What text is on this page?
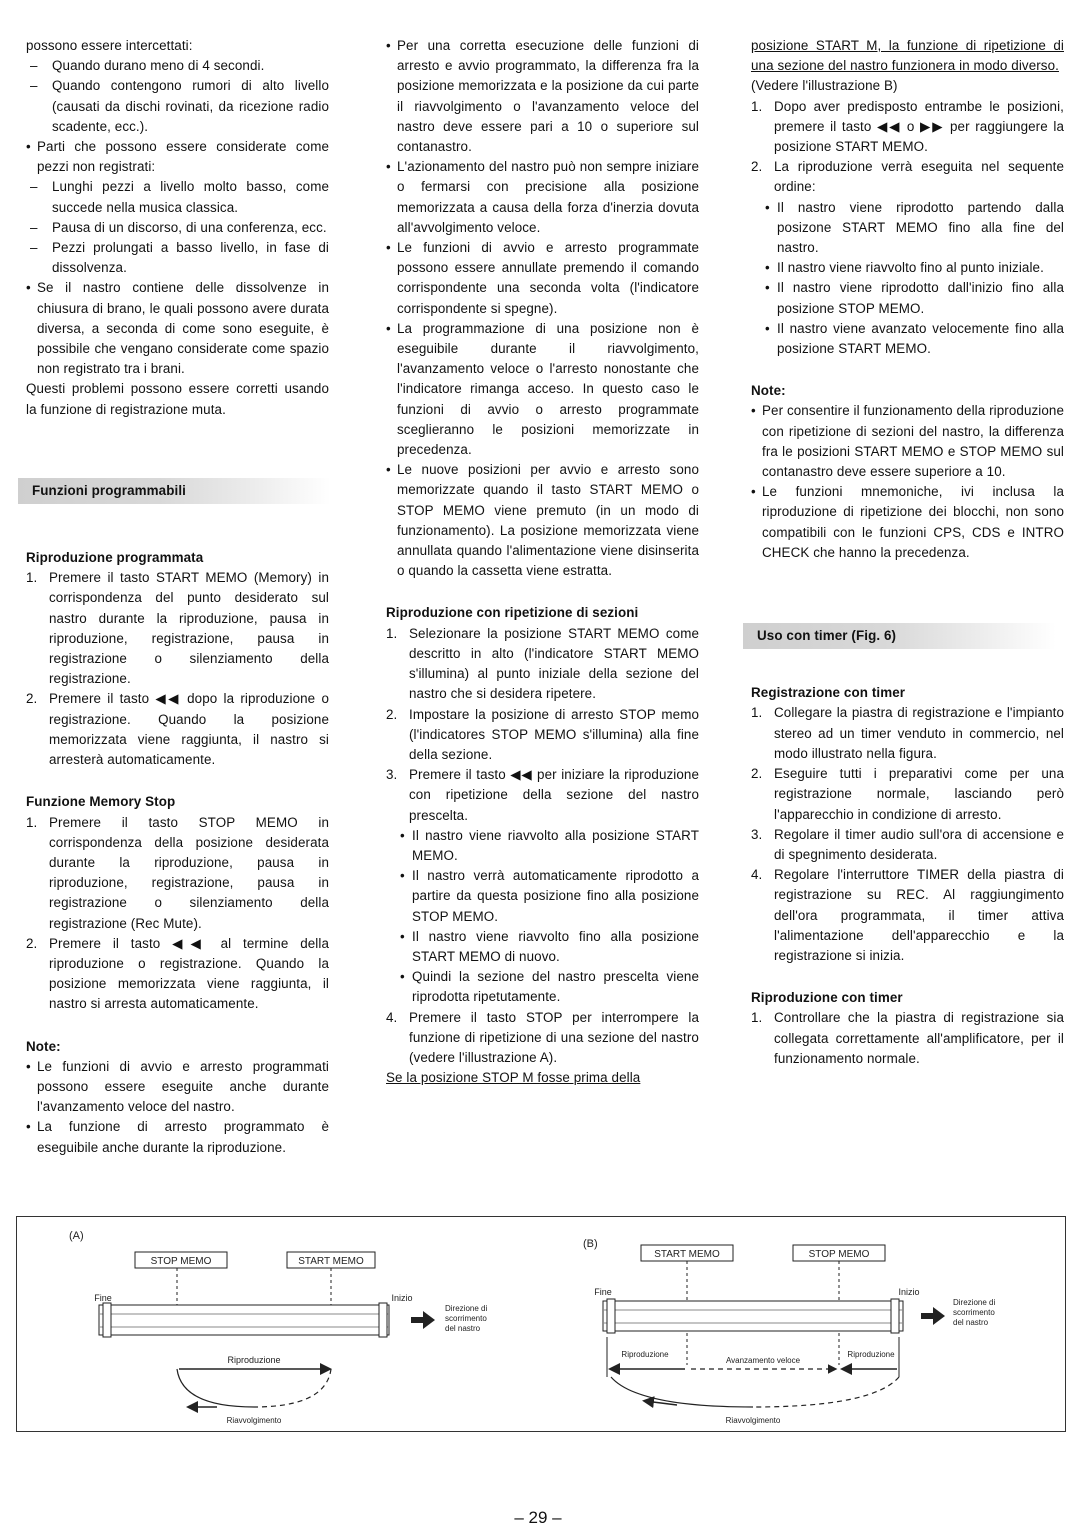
possono essere intercettati:

– Quando durano meno di 4 secondi.
– Quando contengono rumori di alto livello (causati da dischi rovinati, da ricezione radio scadente, ecc.).
• Parti che possono essere considerate come pezzi non registrati:
– Lunghi pezzi a livello molto basso, come succede nella musica classica.
– Pausa di un discorso, di una conferenza, ecc.
– Pezzi prolungati a basso livello, in fase di dissolvenza.
• Se il nastro contiene delle dissolvenze in chiusura di brano, le quali possono avere durata diversa, a seconda di come sono eseguite, è possibile che vengano considerate come spazio non registrato tra i brani.

Questi problemi possono essere corretti usando la funzione di registrazione muta.

Funzioni programmabili

Riproduzione programmata

1. Premere il tasto START MEMO (Memory) in corrispondenza del punto desiderato sul nastro durante la riproduzione, pausa in riproduzione, registrazione, pausa in registrazione o silenziamento della registrazione.
2. Premere il tasto ◀◀ dopo la riproduzione o registrazione. Quando la posizione memorizzata viene raggiunta, il nastro si arresterà automaticamente.

Funzione Memory Stop

1. Premere il tasto STOP MEMO in corrispondenza della posizione desiderata durante la riproduzione, pausa in riproduzione, registrazione, pausa in registrazione o silenziamento della registrazione (Rec Mute).
2. Premere il tasto ◀◀ al termine della riproduzione o registrazione. Quando la posizione memorizzata viene raggiunta, il nastro si arresta automaticamente.

Note:

• Le funzioni di avvio e arresto programmati possono essere eseguite anche durante l'avanzamento veloce del nastro.
• La funzione di arresto programmato è eseguibile anche durante la riproduzione.
• Per una corretta esecuzione delle funzioni di arresto e avvio programmato, la differenza fra la posizione memorizzata e la posizione da cui parte il riavvolgimento o l'avanzamento veloce del nastro deve essere pari a 10 o superiore sul contanastro.
• L'azionamento del nastro può non sempre iniziare o fermarsi con precisione alla posizione memorizzata a causa della forza d'inerzia dovuta all'avvolgimento veloce.
• Le funzioni di avvio e arresto programmate possono essere annullate premendo il comando corrispondente una seconda volta (l'indicatore corrispondente si spegne).
• La programmazione di una posizione non è eseguibile durante il riavvolgimento, l'avanzamento veloce o l'arresto nonostante che l'indicatore rimanga acceso. In questo caso le funzioni di avvio o arresto programmate sceglieranno le posizioni memorizzate in precedenza.
• Le nuove posizioni per avvio e arresto sono memorizzate quando il tasto START MEMO o STOP MEMO viene premuto (in un modo di funzionamento). La posizione memorizzata viene annullata quando l'alimentazione viene disinserita o quando la cassetta viene estratta.

Riproduzione con ripetizione di sezioni

1. Selezionare la posizione START MEMO come descritto in alto (l'indicatore START MEMO s'illumina) al punto iniziale della sezione del nastro che si desidera ripetere.
2. Impostare la posizione di arresto STOP memo (l'indicatores STOP MEMO s'illumina) alla fine della sezione.
3. Premere il tasto ◀◀ per iniziare la riproduzione con ripetizione della sezione del nastro prescelta.
• Il nastro viene riavvolto alla posizione START MEMO.
• Il nastro verrà automaticamente riprodotto a partire da questa posizione fino alla posizione STOP MEMO.
• Il nastro viene riavvolto fino alla posizione START MEMO di nuovo.
• Quindi la sezione del nastro prescelta viene riprodotta ripetutamente.
4. Premere il tasto STOP per interrompere la funzione di ripetizione di una sezione del nastro (vedere l'illustrazione A).

Se la posizione STOP M fosse prima della

posizione START M, la funzione di ripetizione di una sezione del nastro funzionera in modo diverso.

(Vedere l'illustrazione B)

1. Dopo aver predisposto entrambe le posizioni, premere il tasto ◀◀ o ▶▶ per raggiungere la posizione START MEMO.
2. La riproduzione verrà eseguita nel sequente ordine:
• Il nastro viene riprodotto partendo dalla posizone START MEMO fino alla fine del nastro.
• Il nastro viene riavvolto fino al punto iniziale.
• Il nastro viene riprodotto dall'inizio fino alla posizione STOP MEMO.
• Il nastro viene avanzato velocemente fino alla posizione START MEMO.

Note:

• Per consentire il funzionamento della riproduzione con ripetizione di sezioni del nastro, la differenza fra le posizioni START MEMO e STOP MEMO sul contanastro deve essere superiore a 10.
• Le funzioni mnemoniche, ivi inclusa la riproduzione di ripetizione dei blocchi, non sono compatibili con le funzioni CPS, CDS e INTRO CHECK che hanno la precedenza.
Uso con timer (Fig. 6)

Registrazione con timer

1. Collegare la piastra di registrazione e l'impianto stereo ad un timer venduto in commercio, nel modo illustrato nella figura.
2. Eseguire tutti i preparativi come per una registrazione normale, lasciando però l'apparecchio in condizione di arresto.
3. Regolare il timer audio sull'ora di accensione e di spegnimento desiderata.
4. Regolare l'interruttore TIMER della piastra di registrazione su REC. Al raggiungimento dell'ora programmata, il timer attiva l'alimentazione dell'apparecchio e la registrazione si inizia.

Riproduzione con timer

1. Controllare che la piastra di registrazione sia collegata correttamente all'amplificatore, per il funzionamento normale.
(A)
STOP MEMO	START MEMO
Fine	Inizio
Direzione di
scorrimento
del nastro
Riproduzione
Riavvolgimento
(B)
START MEMO	STOP MEMO
Fine	Inizio
Direzione di
scorrimento
del nastro
Riproduzione
Avanzamento veloce
Riproduzione
Riavvolgimento
– 29 –
